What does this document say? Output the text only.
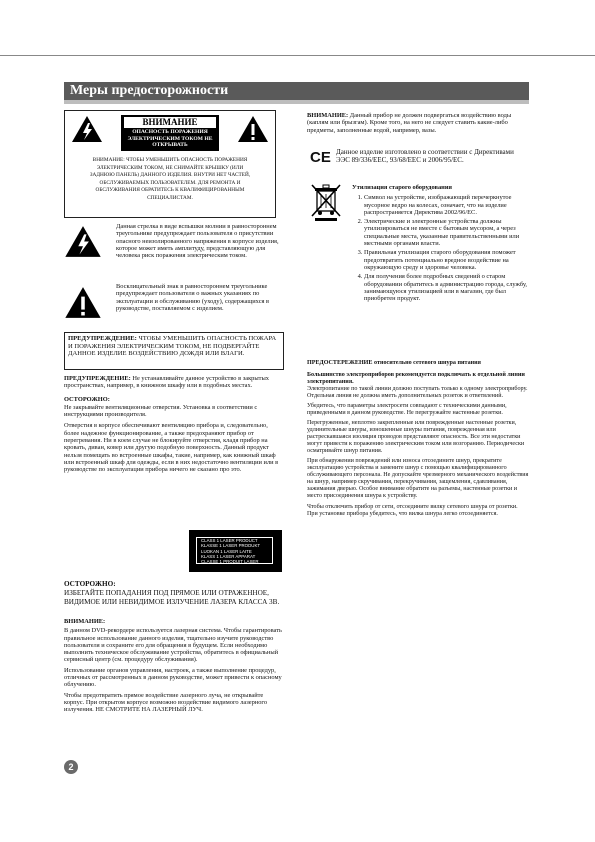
Меры предосторожности
ВНИМАНИЕ
ОПАСНОСТЬ ПОРАЖЕНИЯ ЭЛЕКТРИЧЕСКИМ ТОКОМ НЕ ОТКРЫВАТЬ
ВНИМАНИЕ: ЧТОБЫ УМЕНЬШИТЬ ОПАСНОСТЬ ПОРАЖЕНИЯ ЭЛЕКТРИЧЕСКИМ ТОКОМ, НЕ СНИМАЙТЕ КРЫШКУ (ИЛИ ЗАДНЮЮ ПАНЕЛЬ) ДАННОГО ИЗДЕЛИЯ. ВНУТРИ НЕТ ЧАСТЕЙ, ОБСЛУЖИВАЕМЫХ ПОЛЬЗОВАТЕЛЕМ. ДЛЯ РЕМОНТА И ОБСЛУЖИВАНИЯ ОБРАТИТЕСЬ К КВАЛИФИЦИРОВАННЫМ СПЕЦИАЛИСТАМ.
Данная стрелка в виде вспышки молнии в равностороннем треугольнике предупреждает пользователя о присутствии опасного неизолированного напряжения в корпусе изделия, которое может иметь амплитуду, представляющую для человека риск поражения электрическим током.
Восклицательный знак в равностороннем треугольнике предупреждает пользователя о важных указаниях по эксплуатации и обслуживанию (уходу), содержащихся в руководстве, поставляемом с изделием.
ПРЕДУПРЕЖДЕНИЕ: ЧТОБЫ УМЕНЬШИТЬ ОПАСНОСТЬ ПОЖАРА И ПОРАЖЕНИЯ ЭЛЕКТРИЧЕСКИМ ТОКОМ, НЕ ПОДВЕРГАЙТЕ ДАННОЕ ИЗДЕЛИЕ ВОЗДЕЙСТВИЮ ДОЖДЯ ИЛИ ВЛАГИ.

ПРЕДУПРЕЖДЕНИЕ: Не устанавливайте данное устройство в закрытых пространствах, например, в книжном шкафу или в подобных местах.

ОСТОРОЖНО:

Не закрывайте вентиляционные отверстия. Установка в соответствии с инструкциями производителя.

Отверстия в корпусе обеспечивают вентиляцию прибора и, следовательно, более надежное функционирование, а также предохраняют прибор от перегревания. Ни в коем случае не блокируйте отверстия, кладя прибор на кровать, диван, ковер или другую подобную поверхность. Данный продукт нельзя помещать во встроенные шкафы, такие, например, как книжный шкаф или встроенный шкаф для одежды, если в них недостаточно вентиляции или в руководстве по эксплуатации прибора ничего не сказано про это.

CLASS 1 LASER PRODUCT
KLASSE 1 LASER PRODUKT
LUOKAN 1 LASER LAITE
KLASS 1 LASER APPARAT
CLASSE 1 PRODUIT LASER

ОСТОРОЖНО:

ИЗБЕГАЙТЕ ПОПАДАНИЯ ПОД ПРЯМОЕ ИЛИ ОТРАЖЕННОЕ, ВИДИМОЕ ИЛИ НЕВИДИМОЕ ИЗЛУЧЕНИЕ ЛАЗЕРА КЛАССА 3B.

ВНИМАНИЕ:

В данном DVD-рекордере используется лазерная система. Чтобы гарантировать правильное использование данного изделия, тщательно изучите руководство пользователя и сохраните его для обращения в будущем. Если необходимо выполнить техническое обслуживание устройства, обратитесь в официальный сервисный центр (см. процедуру обслуживания).

Использование органов управления, настроек, а также выполнение процедур, отличных от рассмотренных в данном руководстве, может привести к опасному облучению.

Чтобы предотвратить прямое воздействие лазерного луча, не открывайте корпус. При открытом корпусе возможно воздействие видимого лазерного излучения. НЕ СМОТРИТЕ НА ЛАЗЕРНЫЙ ЛУЧ.

ВНИМАНИЕ: Данный прибор не должен подвергаться воздействию воды (каплям или брызгам). Кроме того, на него не следует ставить какие-либо предметы, заполненные водой, например, вазы.

CE Данное изделие изготовлено в соответствии с Директивами ЭЭС 89/336/EEC, 93/68/EEC и 2006/95/EC.

Утилизация старого оборудования

1. Символ на устройстве, изображающий перечеркнутое мусорное ведро на колесах, означает, что на изделие распространяется Директива 2002/96/EC.
2. Электрические и электронные устройства должны утилизироваться не вместе с бытовым мусором, а через специальные места, указанные правительственными или местными органами власти.
3. Правильная утилизация старого оборудования поможет предотвратить потенциально вредное воздействие на окружающую среду и здоровье человека.
4. Для получения более подробных сведений о старом оборудовании обратитесь в администрацию города, службу, занимающуюся утилизацией или в магазин, где был приобретен продукт.

ПРЕДОСТЕРЕЖЕНИЕ относительно сетевого шнура питания

Большинство электроприборов рекомендуется подключать к отдельной линии электропитания.

Электропитание по такой линии должно поступать только к одному электроприбору. Отдельная линия не должна иметь дополнительных розеток и ответвлений.

Убедитесь, что параметры электросети совпадают с техническими данными, приведенными в данном руководстве. Не перегружайте настенные розетки.

Перегруженные, неплотно закрепленные или поврежденные настенные розетки, удлинительные шнуры, изношенные шнуры питания, поврежденная или растрескавшаяся изоляция проводов представляют опасность. Все эти недостатки могут привести к поражению электрическим током или возгоранию. Периодически осматривайте шнур питания.

При обнаружении повреждений или износа отсоедините шнур, прекратите эксплуатацию устройства и замените шнур с помощью квалифицированного обслуживающего персонала. Не допускайте чрезмерного механического воздействия на шнур, например скручивания, перекручивания, защемления, сдавливания, зажимания дверью. Особое внимание обратите на разъемы, настенные розетки и место присоединения шнура к устройству.

Чтобы отключить прибор от сети, отсоедините вилку сетевого шнура от розетки. При установке прибора убедитесь, что вилка шнура легко отсоединяется.

2
